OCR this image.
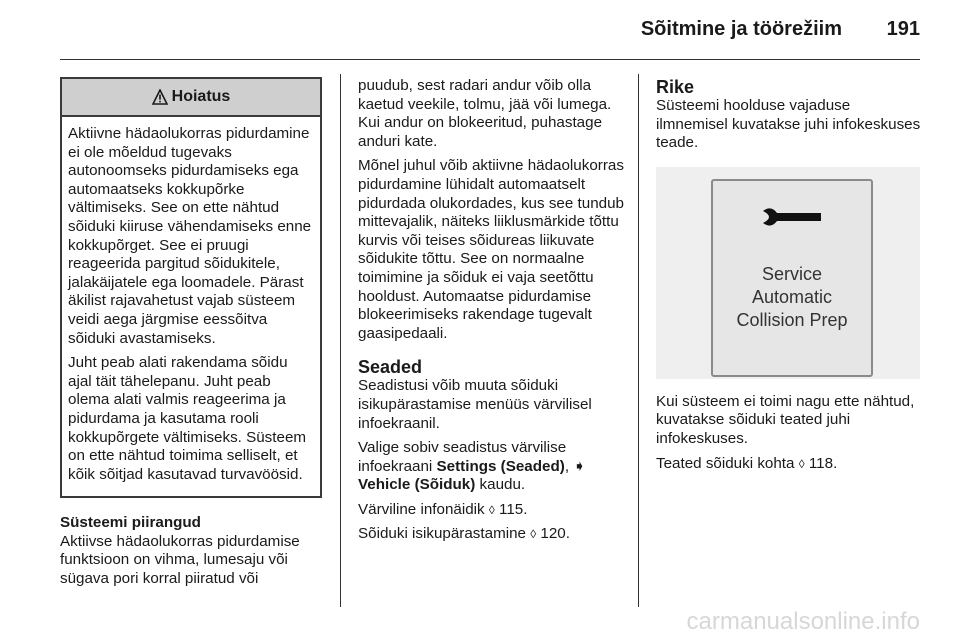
Sõitmine ja töörežiim 191
Hoiatus

Aktiivne hädaolukorras pidurdamine ei ole mõeldud tugevaks autonoomseks pidurdamiseks ega automaatseks kokkupõrke vältimiseks. See on ette nähtud sõiduki kiiruse vähendamiseks enne kokkupõrget. See ei pruugi reageerida pargitud sõidukitele, jalakäijatele ega loomadele. Pärast äkilist rajavahetust vajab süsteem veidi aega järgmise eessõitva sõiduki avastamiseks.

Juht peab alati rakendama sõidu ajal täit tähelepanu. Juht peab olema alati valmis reageerima ja pidurdama ja kasutama rooli kokkupõrgete vältimiseks. Süsteem on ette nähtud toimima selliselt, et kõik sõitjad kasutavad turvavöösid.

Süsteemi piirangud

Aktiivse hädaolukorras pidurdamise funktsioon on vihma, lumesaju või sügava pori korral piiratud või

puudub, sest radari andur võib olla kaetud veekile, tolmu, jää või lumega. Kui andur on blokeeritud, puhastage anduri kate.

Mõnel juhul võib aktiivne hädaolukorras pidurdamine lühidalt automaatselt pidurdada olukordades, kus see tundub mittevajalik, näiteks liiklusmärkide tõttu kurvis või teises sõidureas liikuvate sõidukite tõttu. See on normaalne toimimine ja sõiduk ei vaja seetõttu hooldust. Automaatse pidurdamise blokeerimiseks rakendage tugevalt gaasipedaali.

Seaded

Seadistusi võib muuta sõiduki isikupärastamise menüüs värvilisel infoekraanil.

Valige sobiv seadistus värvilise infoekraani Settings (Seaded), ➧
Vehicle (Sõiduk) kaudu.

Värviline infonäidik ◊ 115.

Sõiduki isikupärastamine ◊ 120.

Rike

Süsteemi hoolduse vajaduse ilmnemisel kuvatakse juhi infokeskuses teade.

Service
Automatic
Collision Prep

Kui süsteem ei toimi nagu ette nähtud, kuvatakse sõiduki teated juhi infokeskuses.

Teated sõiduki kohta ◊ 118.

carmanualsonline.info
